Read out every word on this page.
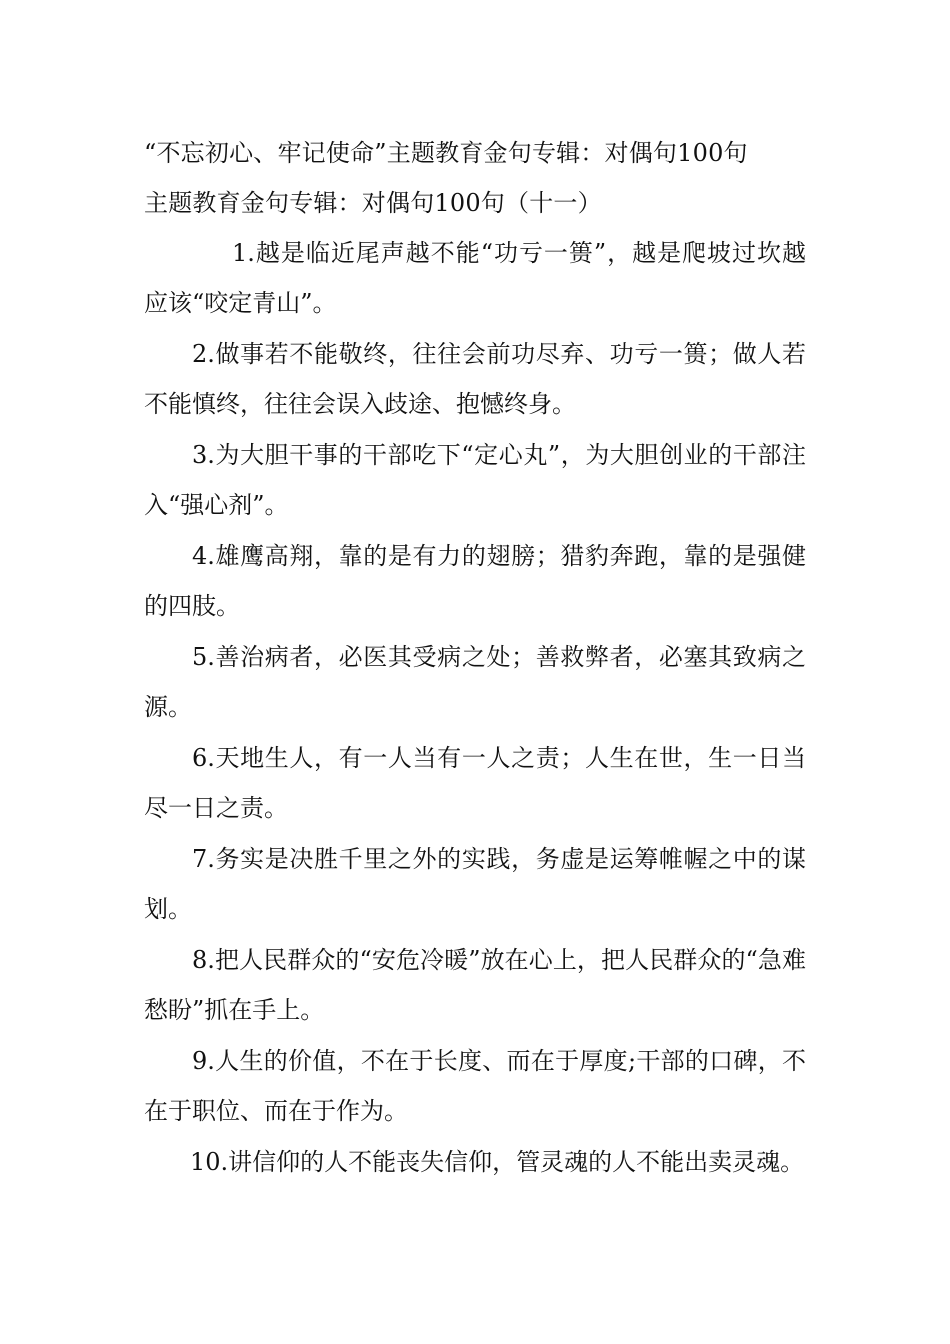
“不忘初心、牢记使命”主题教育金句专辑：对偶句100句
主题教育金句专辑：对偶句100句（十一）

1.越是临近尾声越不能“功亏一篑”，越是爬坡过坎越应该“咬定青山”。

2.做事若不能敬终，往往会前功尽弃、功亏一篑；做人若不能慎终，往往会误入歧途、抱憾终身。

3.为大胆干事的干部吃下“定心丸”，为大胆创业的干部注入“强心剂”。

4.雄鹰高翔，靠的是有力的翅膀；猎豹奔跑，靠的是强健的四肢。

5.善治病者，必医其受病之处；善救弊者，必塞其致病之源。

6.天地生人，有一人当有一人之责；人生在世，生一日当尽一日之责。

7.务实是决胜千里之外的实践，务虚是运筹帷幄之中的谋划。

8.把人民群众的“安危冷暖”放在心上，把人民群众的“急难愁盼”抓在手上。

9.人生的价值，不在于长度、而在于厚度;干部的口碑，不在于职位、而在于作为。

10.讲信仰的人不能丧失信仰，管灵魂的人不能出卖灵魂。
